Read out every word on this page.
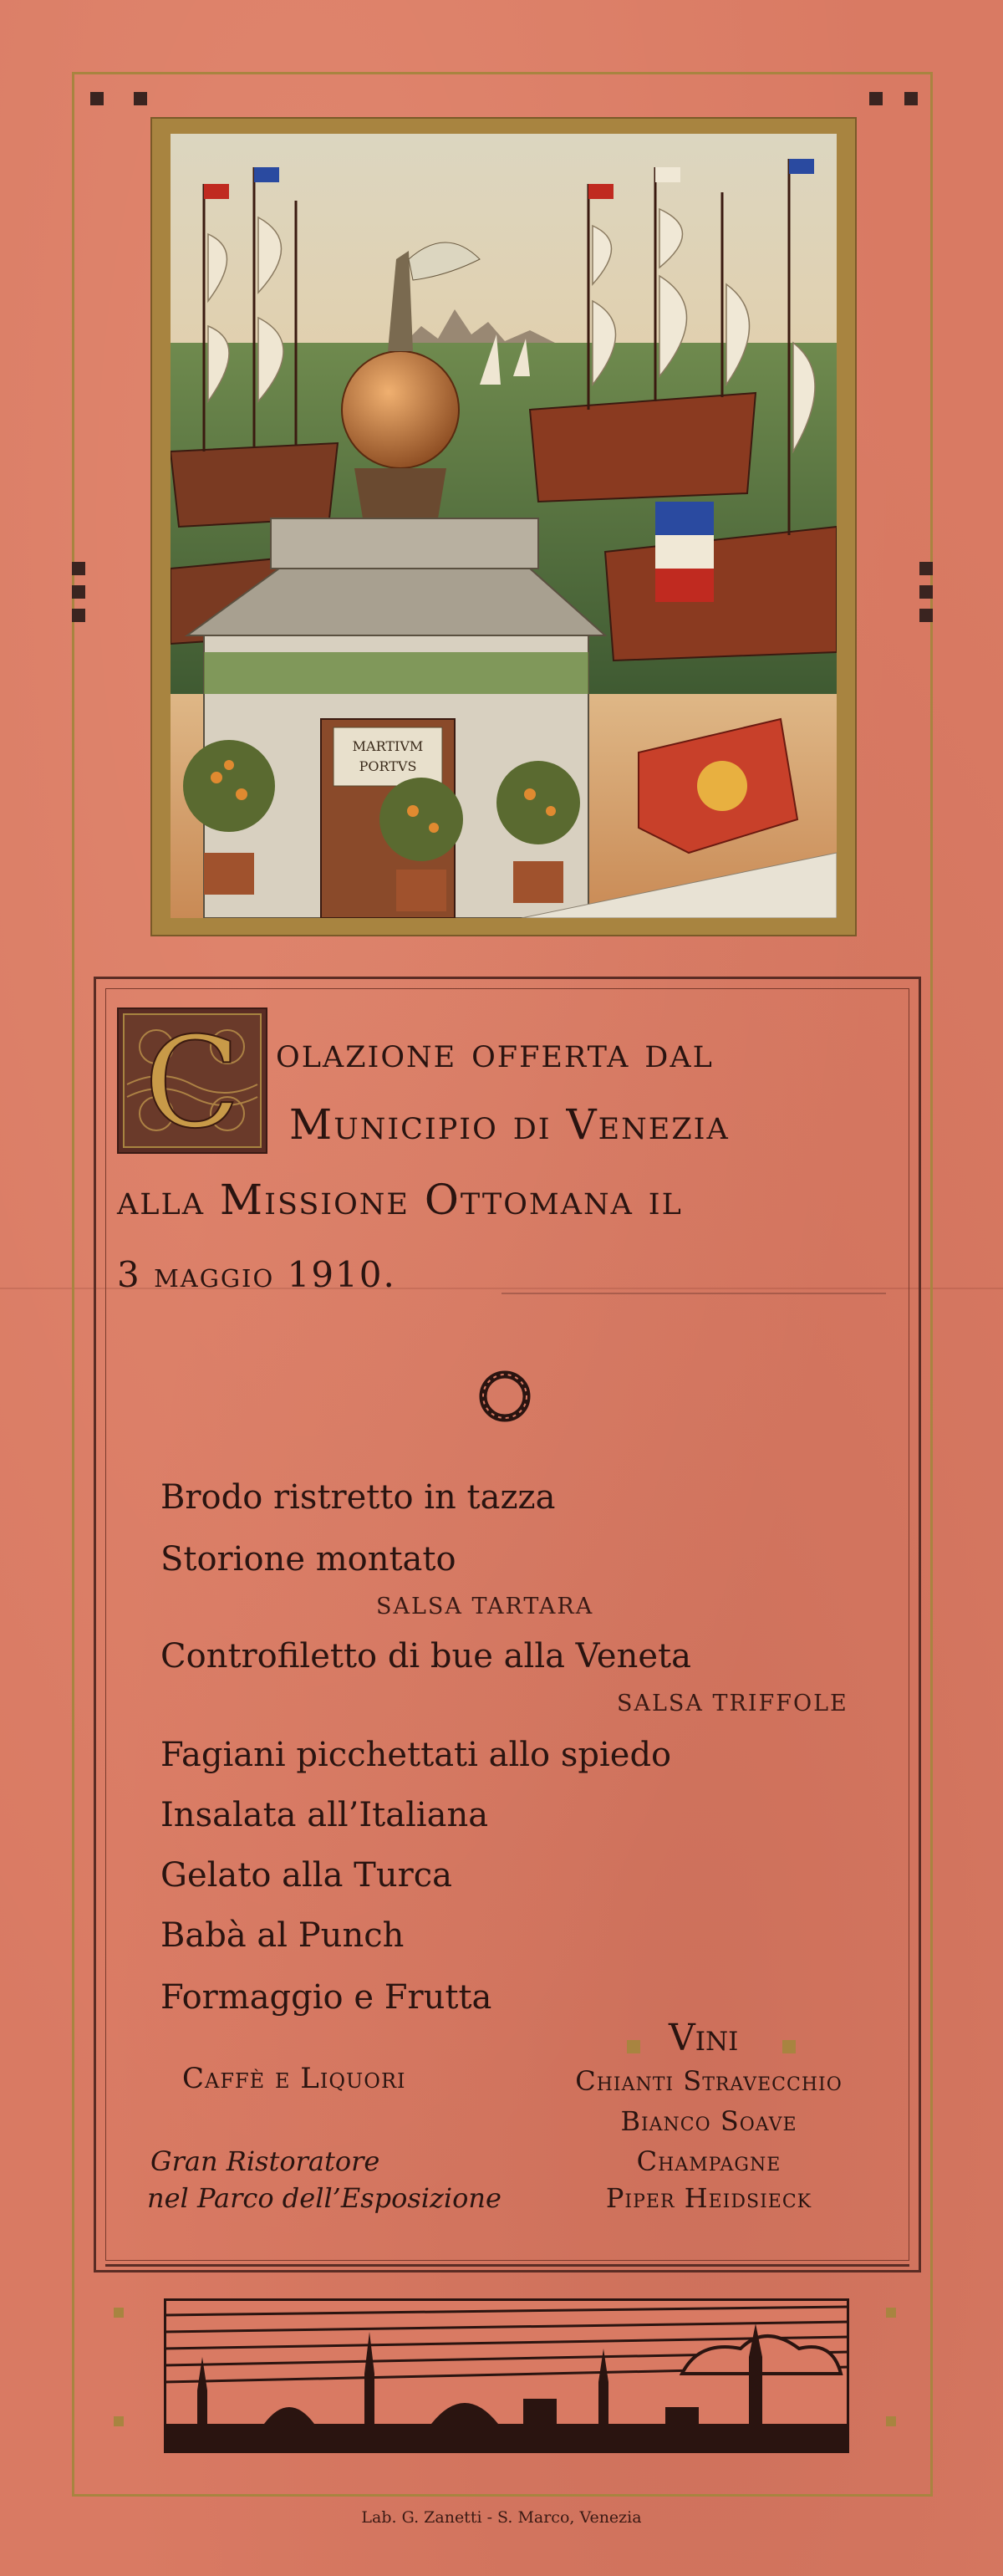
MARTIVM
PORTVS
C olazione offerta dal
Municipio di Venezia
alla Missione Ottomana il
3 maggio 1910.
Brodo ristretto in tazza
Storione montato
SALSA TARTARA
Controfiletto di bue alla Veneta
SALSA TRIFFOLE
Fagiani picchettati allo spiedo
Insalata all’Italiana
Gelato alla Turca
Babà al Punch
Formaggio e Frutta
Caffè e Liquori
Vini
Chianti Stravecchio
Bianco Soave
Champagne
Piper Heidsieck
Gran Ristoratore
nel Parco dell’Esposizione
Lab. G. Zanetti - S. Marco, Venezia
